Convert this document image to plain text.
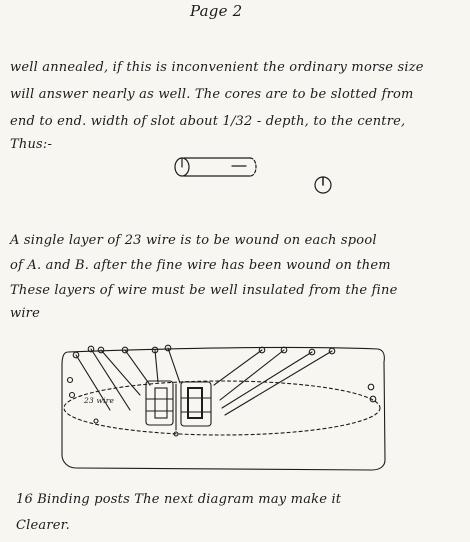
Page 2
well annealed, if this is inconvenient the ordinary morse size
will answer nearly as well. The cores are to be slotted from
end to end. width of slot about 1/32 - depth, to the centre,
Thus:-
A single layer of 23 wire is to be wound on each spool
of A. and B. after the fine wire has been wound on them
These layers of wire must be well insulated from the fine
wire
23 wire
16 Binding posts The next diagram may make it
Clearer.
